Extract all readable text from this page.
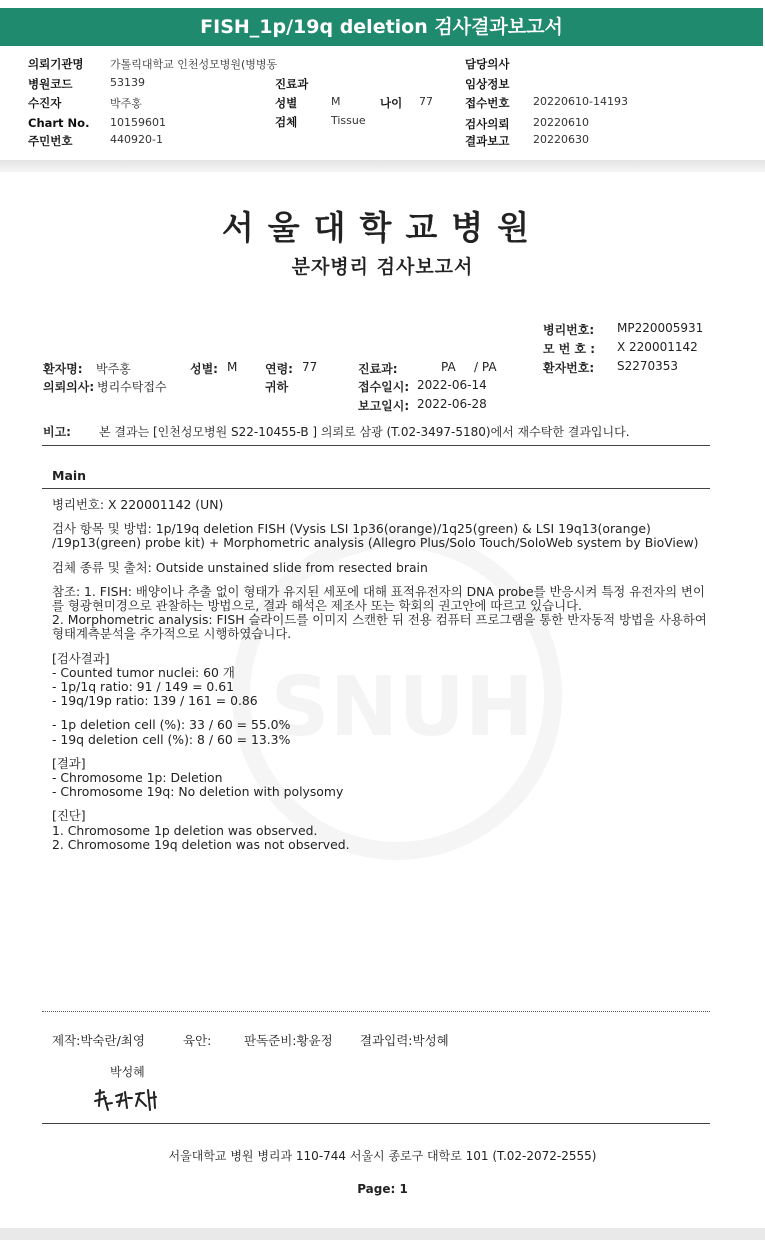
FISH_1p/19q deletion 검사결과보고서
의뢰기관명 가톨릭대학교 인천성모병원(병병동
병원코드	53139
수진자	박주홍
Chart No. 10159601
주민번호	440920-1
진료과
성별	M	나이 77
검체	Tissue
담당의사
임상정보
접수번호 20220610-14193
검사의뢰 20220610
결과보고 20220630
SNUH
서울대학교병원
분자병리 검사보고서
병리번호: MP220005931
모 번 호 : X 220001142
환자번호: S2270353
환자명: 박주홍	성별: M 연령: 77	진료과:	PA / PA
의뢰의사: 병리수탁접수	귀하	접수일시: 2022-06-14
보고일시: 2022-06-28
비고: 본 결과는 [인천성모병원 S22-10455-B ] 의뢰로 삼광 (T.02-3497-5180)에서 재수탁한 결과입니다.
Main

병리번호: X 220001142 (UN)

검사 항목 및 방법: 1p/19q deletion FISH (Vysis LSI 1p36(orange)/1q25(green) & LSI 19q13(orange) /19p13(green) probe kit) + Morphometric analysis (Allegro Plus/Solo Touch/SoloWeb system by BioView)

검체 종류 및 출처: Outside unstained slide from resected brain

참조: 1. FISH: 배양이나 추출 없이 형태가 유지된 세포에 대해 표적유전자의 DNA probe를 반응시켜 특정 유전자의 변이를 형광현미경으로 관찰하는 방법으로, 결과 해석은 제조사 또는 학회의 권고안에 따르고 있습니다.

2. Morphometric analysis: FISH 슬라이드를 이미지 스캔한 뒤 전용 컴퓨터 프로그램을 통한 반자동적 방법을 사용하여 형태계측분석을 추가적으로 시행하였습니다.

[검사결과]
- Counted tumor nuclei: 60 개
- 1p/1q ratio: 91 / 149 = 0.61
- 19q/19p ratio: 139 / 161 = 0.86
- 1p deletion cell (%): 33 / 60 = 55.0%
- 19q deletion cell (%): 8 / 60 = 13.3%
[결과]
- Chromosome 1p: Deletion
- Chromosome 19q: No deletion with polysomy
[진단]
1. Chromosome 1p deletion was observed.
2. Chromosome 19q deletion was not observed.
제작:박숙란/최영	육안:	판독준비:황윤정 결과입력:박성혜
박성혜
서울대학교 병원 병리과 110-744 서울시 종로구 대학로 101 (T.02-2072-2555)
Page: 1
